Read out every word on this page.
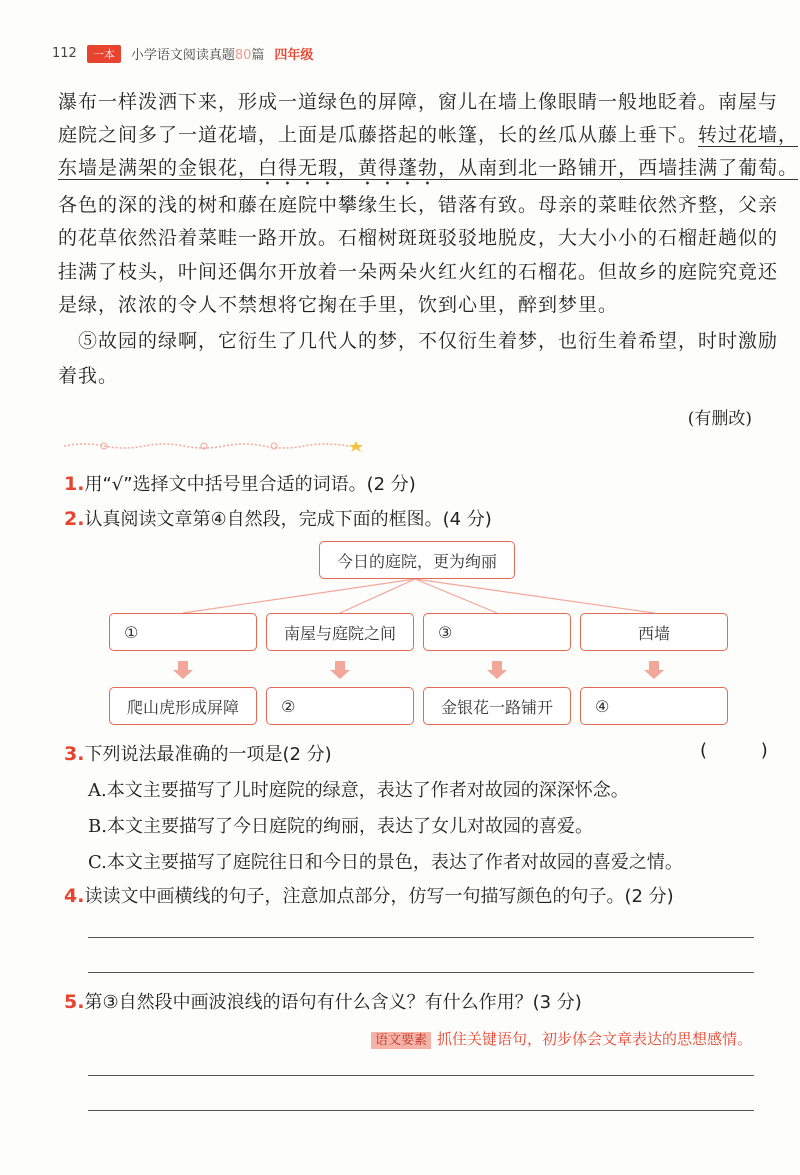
112	一本	小学语文阅读真题80篇 四年级
瀑布一样泼洒下来，形成一道绿色的屏障，窗儿在墙上像眼睛一般地眨着。南屋与
庭院之间多了一道花墙，上面是瓜藤搭起的帐篷，长的丝瓜从藤上垂下。转过花墙，
东墙是满架的金银花，白得无瑕，黄得蓬勃，从南到北一路铺开，西墙挂满了葡萄。
各色的深的浅的树和藤在庭院中攀缘生长，错落有致。母亲的菜畦依然齐整，父亲
的花草依然沿着菜畦一路开放。石榴树斑斑驳驳地脱皮，大大小小的石榴赶趟似的
挂满了枝头，叶间还偶尔开放着一朵两朵火红火红的石榴花。但故乡的庭院究竟还
是绿，浓浓的令人不禁想将它掬在手里，饮到心里，醉到梦里。
⑤故园的绿啊，它衍生了几代人的梦，不仅衍生着梦，也衍生着希望，时时激励
着我。
(有删改)
1.用“√”选择文中括号里合适的词语。(2 分)
2.认真阅读文章第④自然段，完成下面的框图。(4 分)
今日的庭院，更为绚丽
①	南屋与庭院之间	③	西墙
爬山虎形成屏障	②	金银花一路铺开	④
3.下列说法最准确的一项是(2 分)	( )
A.本文主要描写了儿时庭院的绿意，表达了作者对故园的深深怀念。
B.本文主要描写了今日庭院的绚丽，表达了女儿对故园的喜爱。
C.本文主要描写了庭院往日和今日的景色，表达了作者对故园的喜爱之情。
4.读读文中画横线的句子，注意加点部分，仿写一句描写颜色的句子。(2 分)
5.第③自然段中画波浪线的语句有什么含义？有什么作用？(3 分)
语文要素 抓住关键语句，初步体会文章表达的思想感情。
